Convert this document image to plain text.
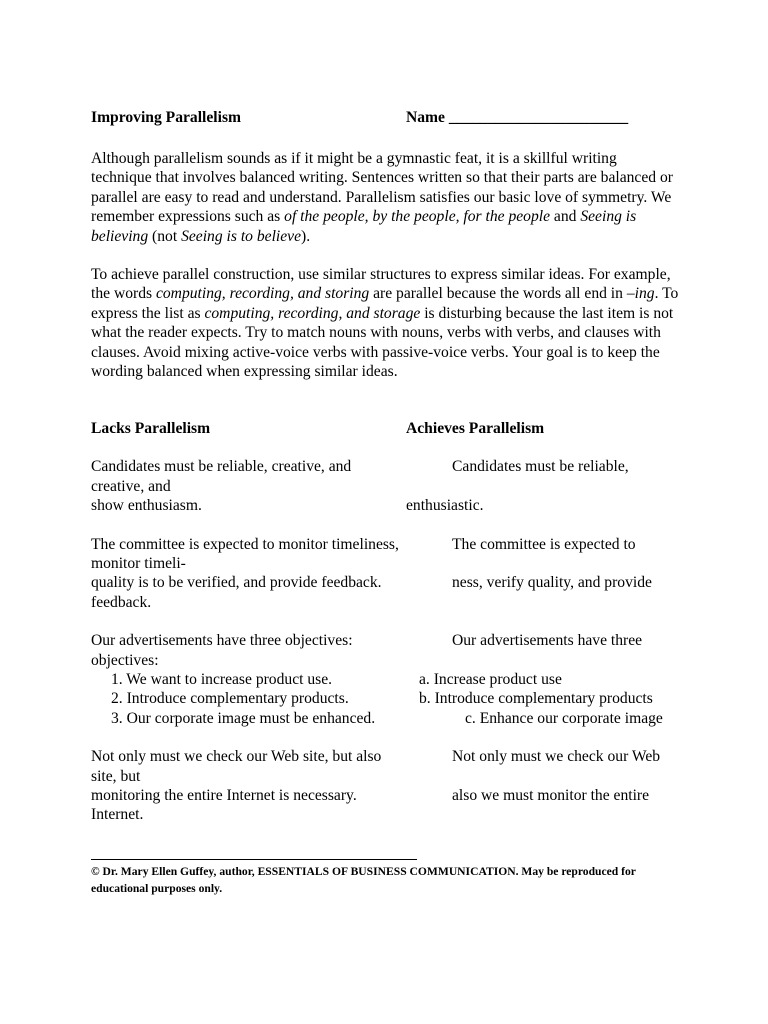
Improving Parallelism	Name _______________________
Although parallelism sounds as if it might be a gymnastic feat, it is a skillful writing technique that involves balanced writing. Sentences written so that their parts are balanced or parallel are easy to read and understand. Parallelism satisfies our basic love of symmetry. We remember expressions such as of the people, by the people, for the people and Seeing is believing (not Seeing is to believe).
To achieve parallel construction, use similar structures to express similar ideas. For example, the words computing, recording, and storing are parallel because the words all end in –ing. To express the list as computing, recording, and storage is disturbing because the last item is not what the reader expects. Try to match nouns with nouns, verbs with verbs, and clauses with clauses. Avoid mixing active-voice verbs with passive-voice verbs. Your goal is to keep the wording balanced when expressing similar ideas.
Lacks Parallelism	Achieves Parallelism
Candidates must be reliable, creative, and	Candidates must be reliable,
creative, and
show enthusiasm.	enthusiastic.
The committee is expected to monitor timeliness,	The committee is expected to
monitor timeli-
quality is to be verified, and provide feedback.	ness, verify quality, and provide
feedback.
Our advertisements have three objectives:	Our advertisements have three
objectives:
1. We want to increase product use.	a. Increase product use
2. Introduce complementary products.	b. Introduce complementary products
3. Our corporate image must be enhanced.	c. Enhance our corporate image
Not only must we check our Web site, but also	Not only must we check our Web
site, but
monitoring the entire Internet is necessary.	also we must monitor the entire
Internet.
© Dr. Mary Ellen Guffey, author, ESSENTIALS OF BUSINESS COMMUNICATION. May be reproduced for educational purposes only.
